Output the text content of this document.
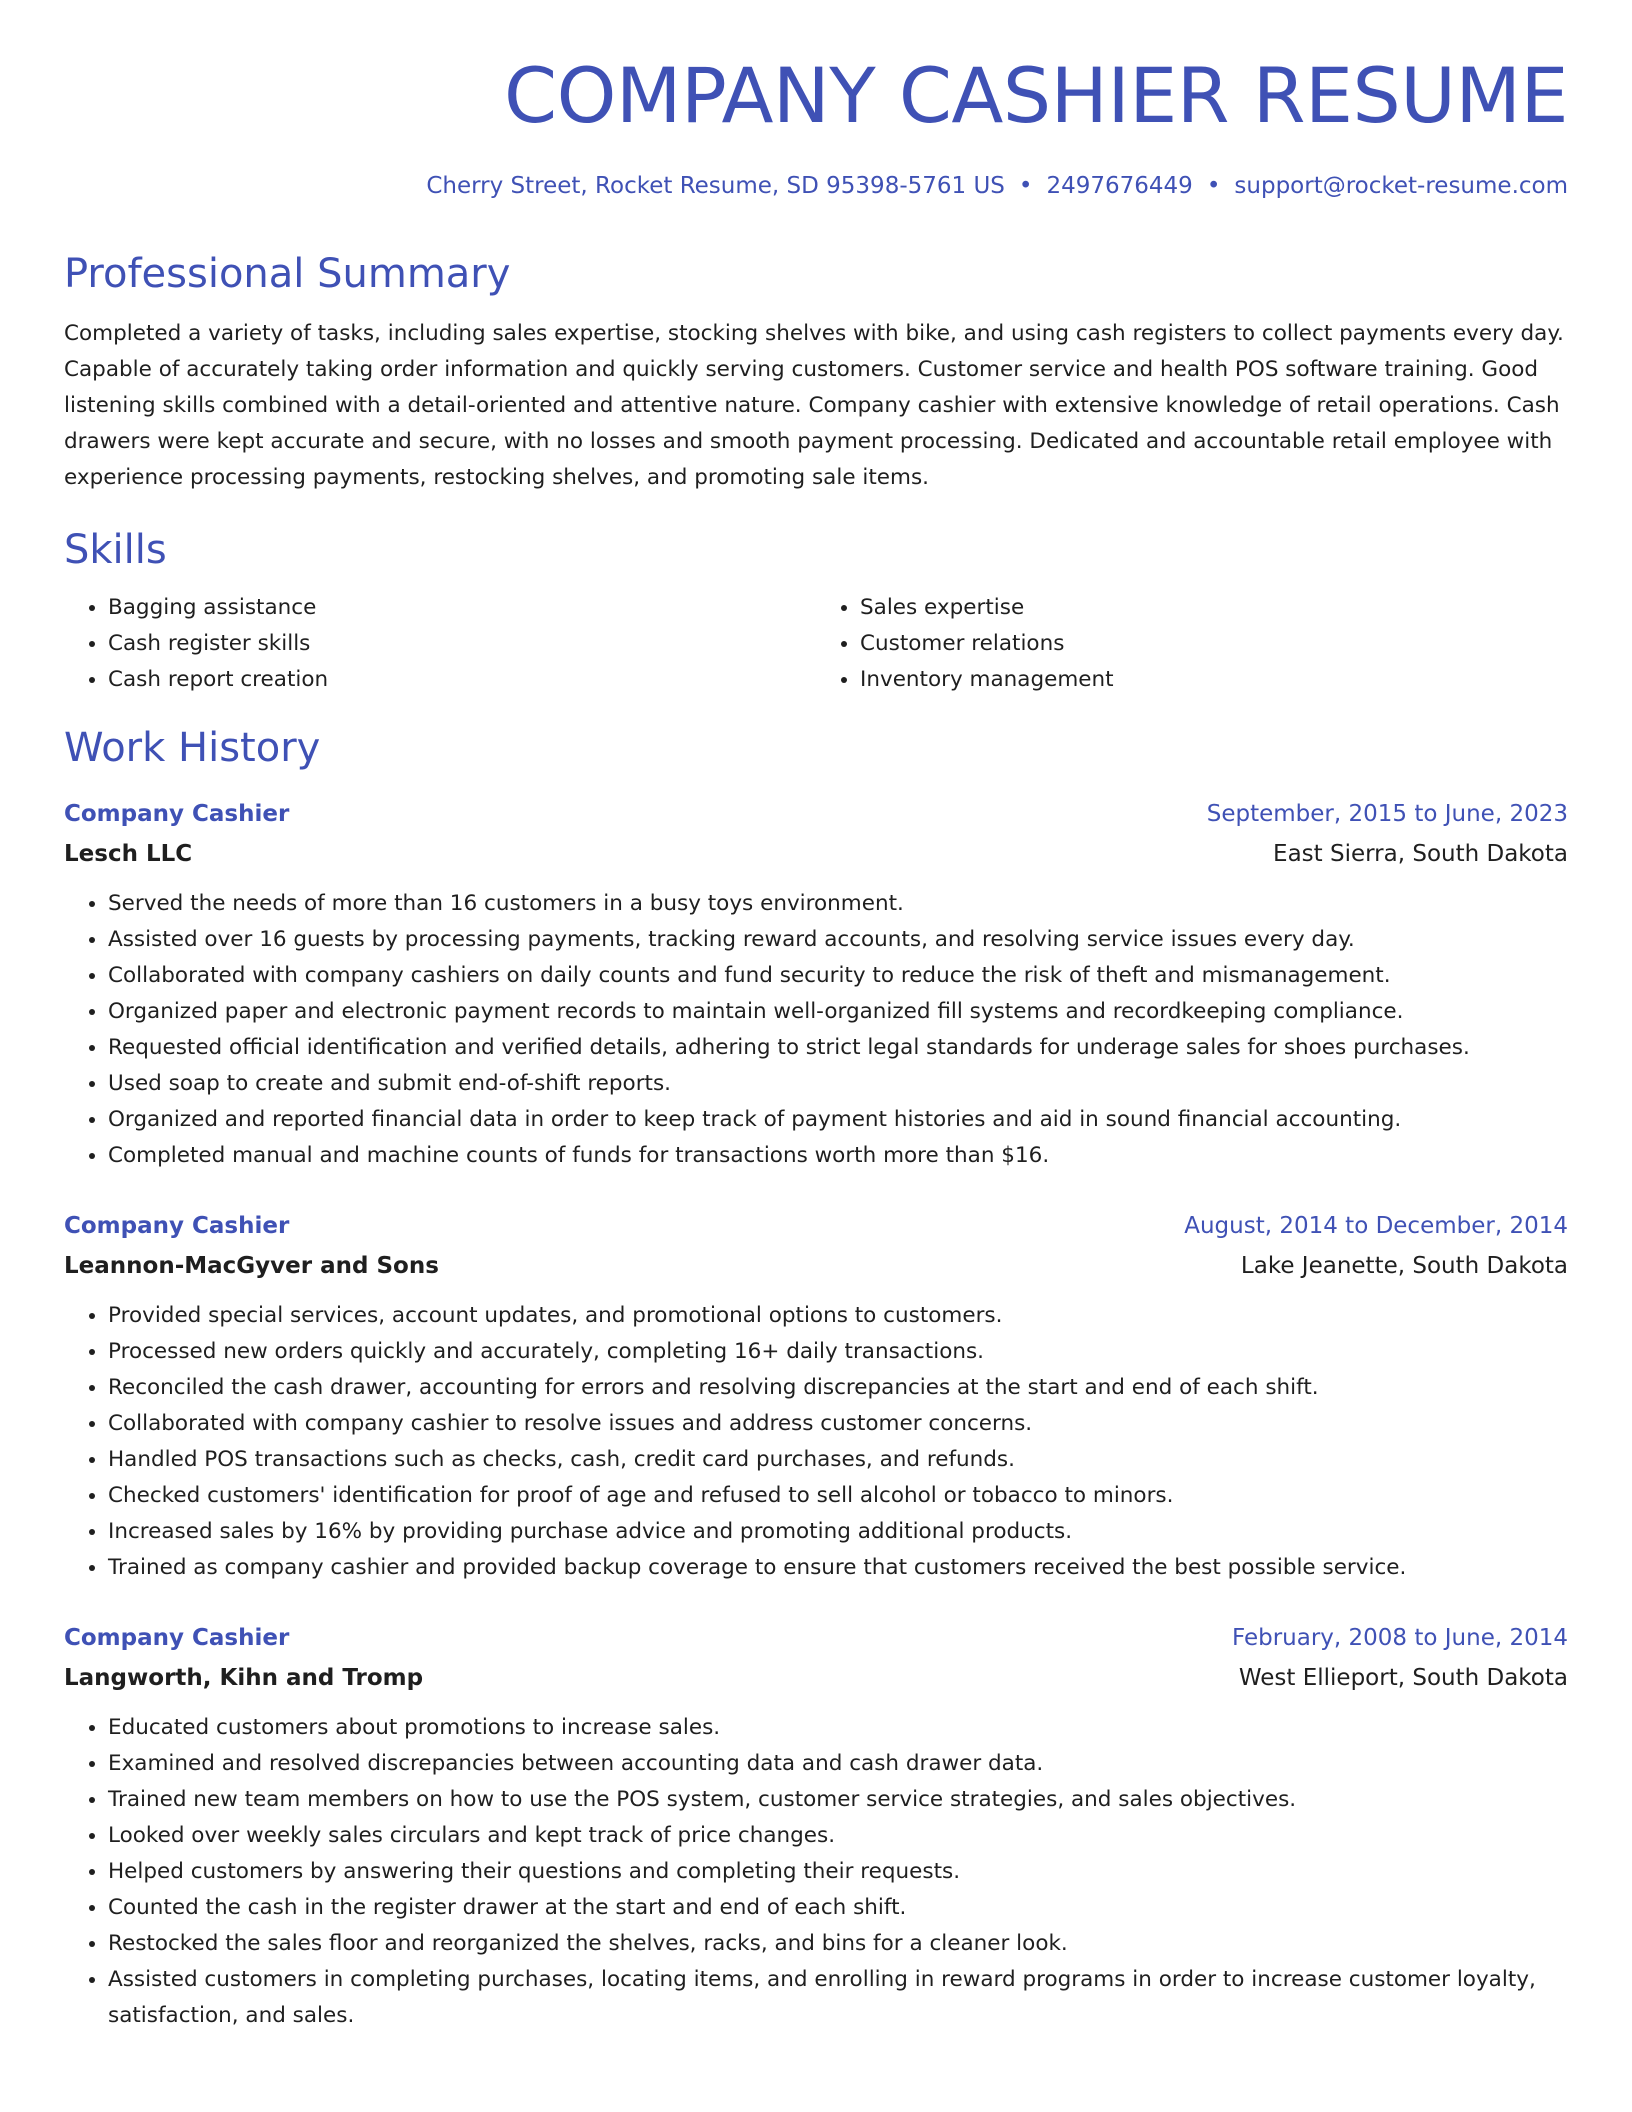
COMPANY CASHIER RESUME
Cherry Street, Rocket Resume, SD 95398-5761 US • 2497676449 • support@rocket-resume.com
Professional Summary
Completed a variety of tasks, including sales expertise, stocking shelves with bike, and using cash registers to collect payments every day. Capable of accurately taking order information and quickly serving customers. Customer service and health POS software training. Good listening skills combined with a detail-oriented and attentive nature. Company cashier with extensive knowledge of retail operations. Cash drawers were kept accurate and secure, with no losses and smooth payment processing. Dedicated and accountable retail employee with experience processing payments, restocking shelves, and promoting sale items.
Skills
• Bagging assistance
• Cash register skills
• Cash report creation
• Sales expertise
• Customer relations
• Inventory management
Work History
Company Cashier	September, 2015 to June, 2023
Lesch LLC	East Sierra, South Dakota
• Served the needs of more than 16 customers in a busy toys environment.
• Assisted over 16 guests by processing payments, tracking reward accounts, and resolving service issues every day.
• Collaborated with company cashiers on daily counts and fund security to reduce the risk of theft and mismanagement.
• Organized paper and electronic payment records to maintain well-organized fill systems and recordkeeping compliance.
• Requested official identification and verified details, adhering to strict legal standards for underage sales for shoes purchases.
• Used soap to create and submit end-of-shift reports.
• Organized and reported financial data in order to keep track of payment histories and aid in sound financial accounting.
• Completed manual and machine counts of funds for transactions worth more than $16.
Company Cashier	August, 2014 to December, 2014
Leannon-MacGyver and Sons	Lake Jeanette, South Dakota
• Provided special services, account updates, and promotional options to customers.
• Processed new orders quickly and accurately, completing 16+ daily transactions.
• Reconciled the cash drawer, accounting for errors and resolving discrepancies at the start and end of each shift.
• Collaborated with company cashier to resolve issues and address customer concerns.
• Handled POS transactions such as checks, cash, credit card purchases, and refunds.
• Checked customers' identification for proof of age and refused to sell alcohol or tobacco to minors.
• Increased sales by 16% by providing purchase advice and promoting additional products.
• Trained as company cashier and provided backup coverage to ensure that customers received the best possible service.
Company Cashier	February, 2008 to June, 2014
Langworth, Kihn and Tromp	West Ellieport, South Dakota
• Educated customers about promotions to increase sales.
• Examined and resolved discrepancies between accounting data and cash drawer data.
• Trained new team members on how to use the POS system, customer service strategies, and sales objectives.
• Looked over weekly sales circulars and kept track of price changes.
• Helped customers by answering their questions and completing their requests.
• Counted the cash in the register drawer at the start and end of each shift.
• Restocked the sales floor and reorganized the shelves, racks, and bins for a cleaner look.
• Assisted customers in completing purchases, locating items, and enrolling in reward programs in order to increase customer loyalty, satisfaction, and sales.
